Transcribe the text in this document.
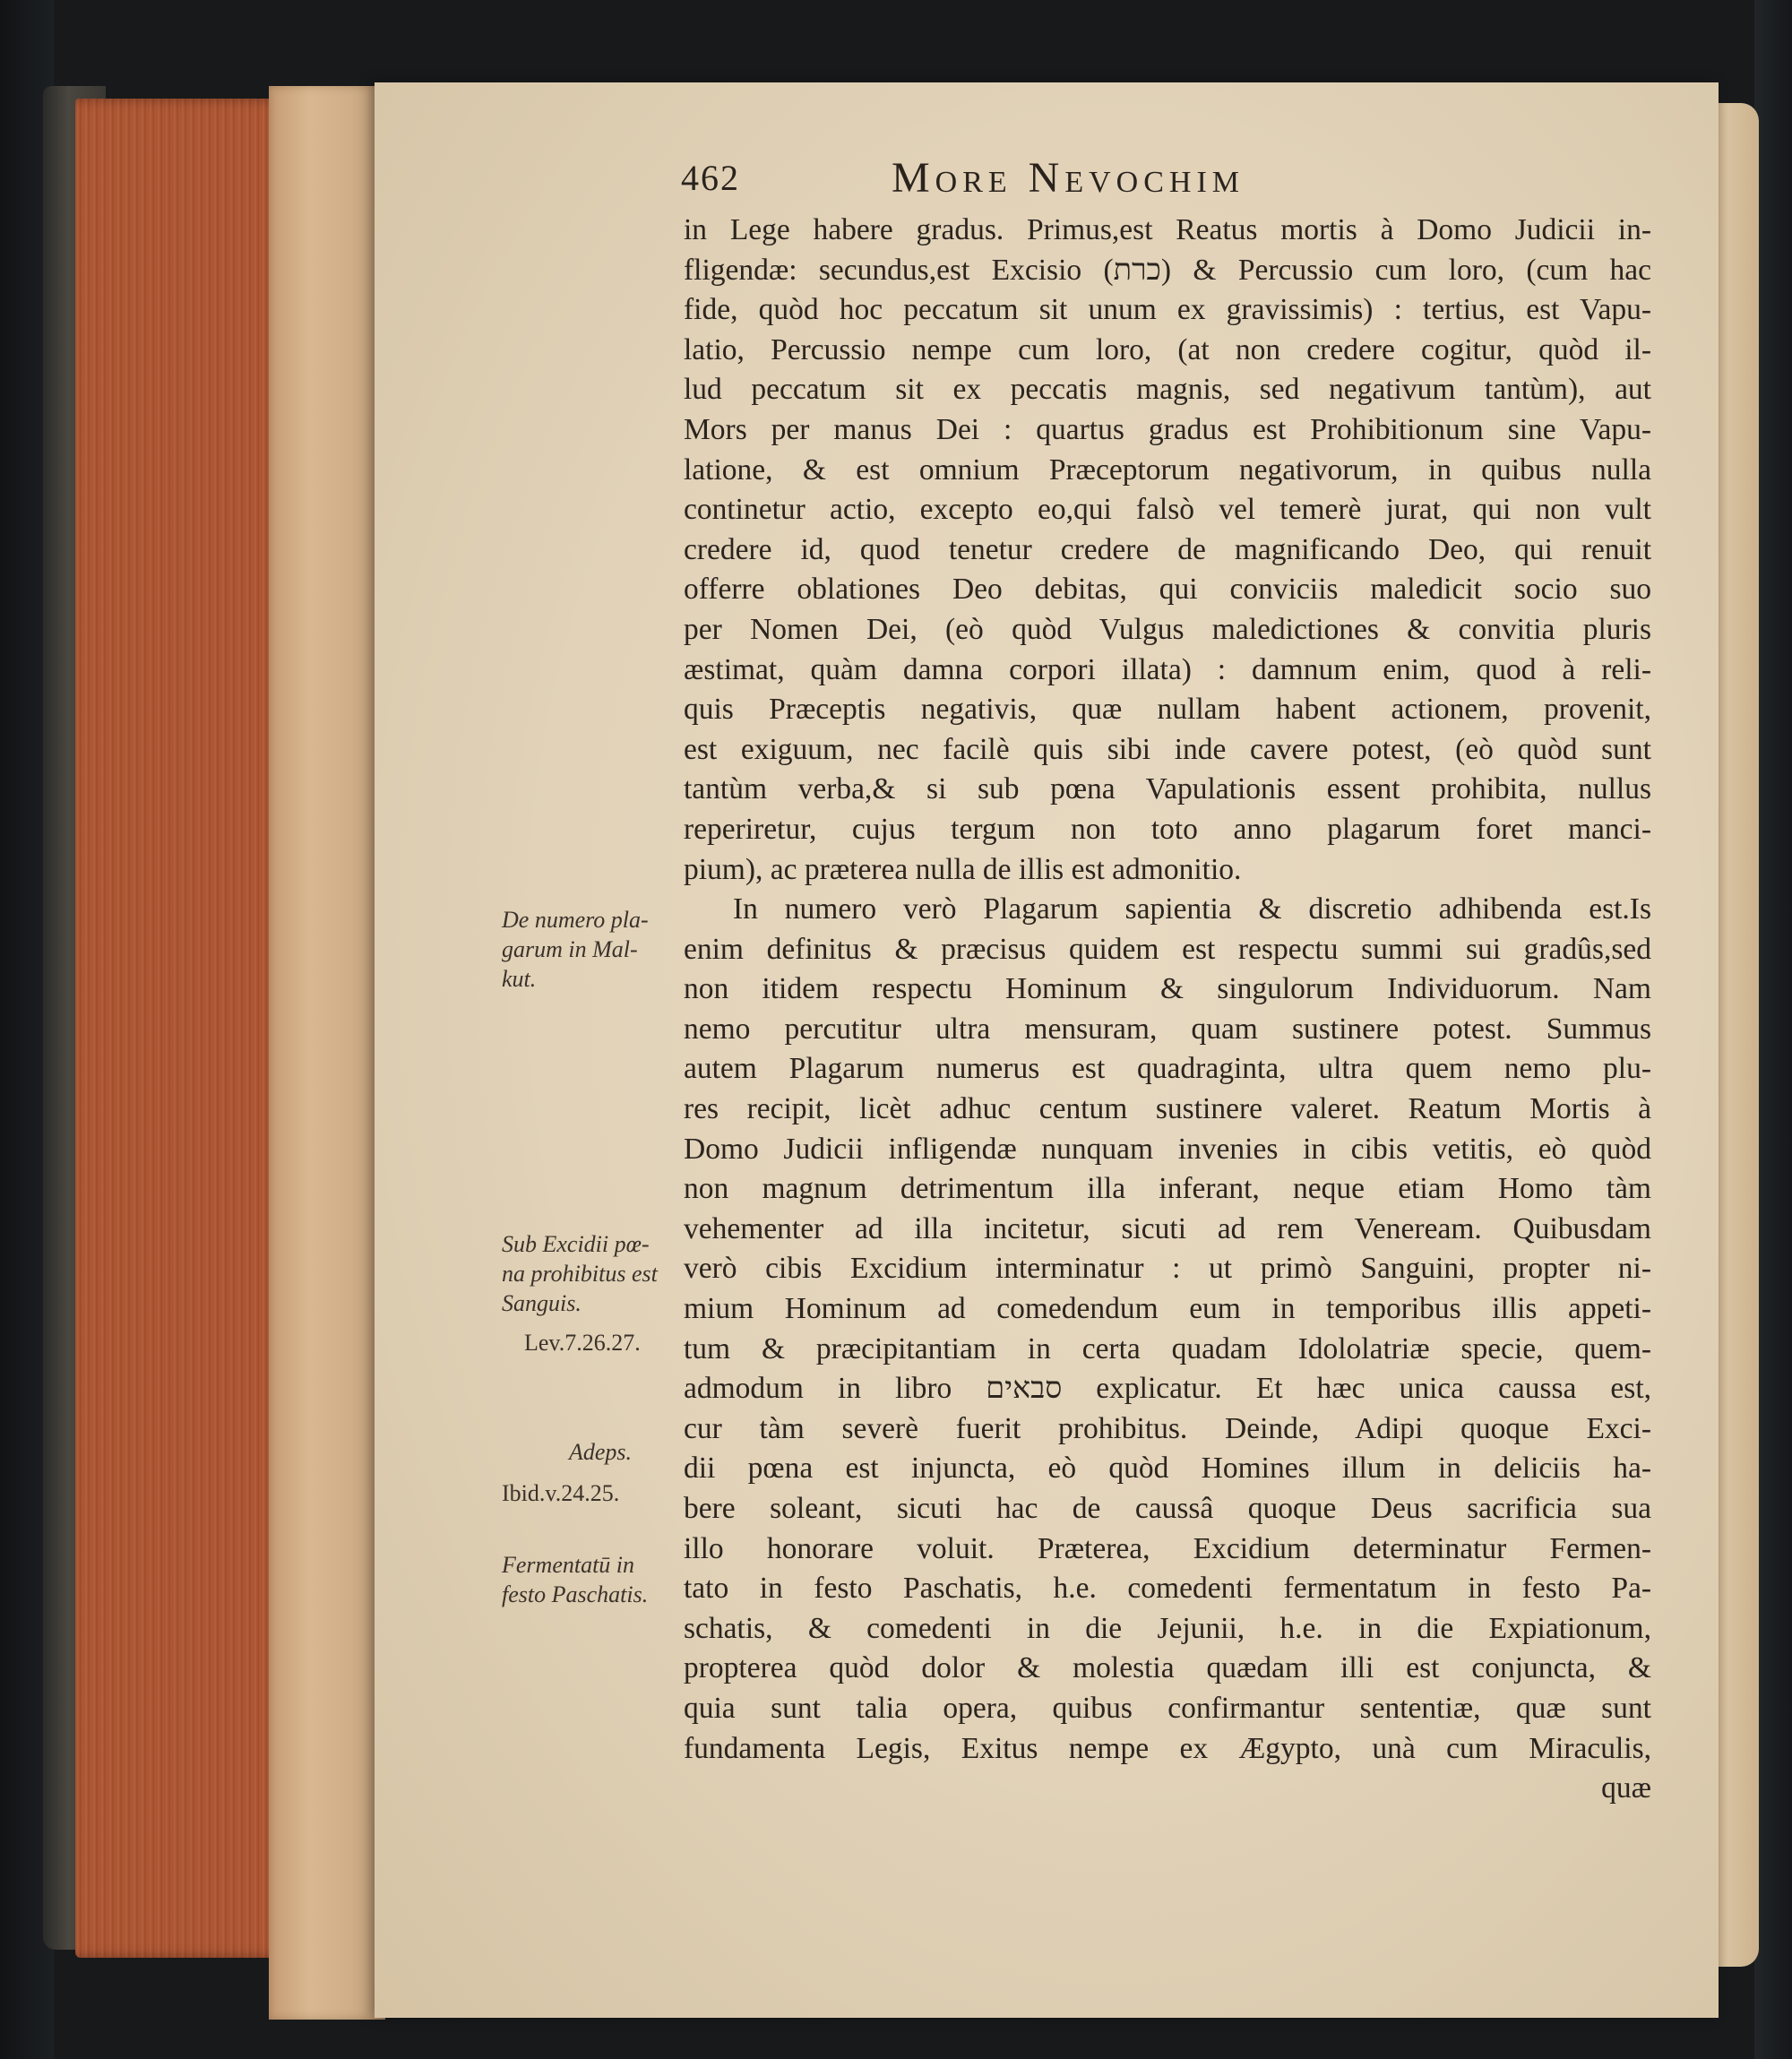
462	More Nevochim
in Lege habere gradus. Primus,est Reatus mortis à Domo Judicii in-
fligendæ: secundus,est Excisio (כרת) & Percussio cum loro, (cum hac
fide, quòd hoc peccatum sit unum ex gravissimis) : tertius, est Vapu-
latio, Percussio nempe cum loro, (at non credere cogitur, quòd il-
lud peccatum sit ex peccatis magnis, sed negativum tantùm), aut
Mors per manus Dei : quartus gradus est Prohibitionum sine Vapu-
latione, & est omnium Præceptorum negativorum, in quibus nulla
continetur actio, excepto eo,qui falsò vel temerè jurat, qui non vult
credere id, quod tenetur credere de magnificando Deo, qui renuit
offerre oblationes Deo debitas, qui conviciis maledicit socio suo
per Nomen Dei, (eò quòd Vulgus maledictiones & convitia pluris
æstimat, quàm damna corpori illata) : damnum enim, quod à reli-
quis Præceptis negativis, quæ nullam habent actionem, provenit,
est exiguum, nec facilè quis sibi inde cavere potest, (eò quòd sunt
tantùm verba,& si sub pœna Vapulationis essent prohibita, nullus
reperiretur, cujus tergum non toto anno plagarum foret manci-
pium), ac præterea nulla de illis est admonitio.
In numero verò Plagarum sapientia & discretio adhibenda est.Is
enim definitus & præcisus quidem est respectu summi sui gradûs,sed
non itidem respectu Hominum & singulorum Individuorum. Nam
nemo percutitur ultra mensuram, quam sustinere potest. Summus
autem Plagarum numerus est quadraginta, ultra quem nemo plu-
res recipit, licèt adhuc centum sustinere valeret. Reatum Mortis à
Domo Judicii infligendæ nunquam invenies in cibis vetitis, eò quòd
non magnum detrimentum illa inferant, neque etiam Homo tàm
vehementer ad illa incitetur, sicuti ad rem Veneream. Quibusdam
verò cibis Excidium interminatur : ut primò Sanguini, propter ni-
mium Hominum ad comedendum eum in temporibus illis appeti-
tum & præcipitantiam in certa quadam Idololatriæ specie, quem-
admodum in libro סבאים explicatur. Et hæc unica caussa est,
cur tàm severè fuerit prohibitus. Deinde, Adipi quoque Exci-
dii pœna est injuncta, eò quòd Homines illum in deliciis ha-
bere soleant, sicuti hac de caussâ quoque Deus sacrificia sua
illo honorare voluit. Præterea, Excidium determinatur Fermen-
tato in festo Paschatis, h.e. comedenti fermentatum in festo Pa-
schatis, & comedenti in die Jejunii, h.e. in die Expiationum,
propterea quòd dolor & molestia quædam illi est conjuncta, &
quia sunt talia opera, quibus confirmantur sententiæ, quæ sunt
fundamenta Legis, Exitus nempe ex Ægypto, unà cum Miraculis,
quæ
De numero pla-
garum in Mal-
kut.
Sub Excidii pœ-
na prohibitus est
Sanguis.
Lev.7.26.27.
Adeps.
Ibid.v.24.25.
Fermentatū in
festo Paschatis.
